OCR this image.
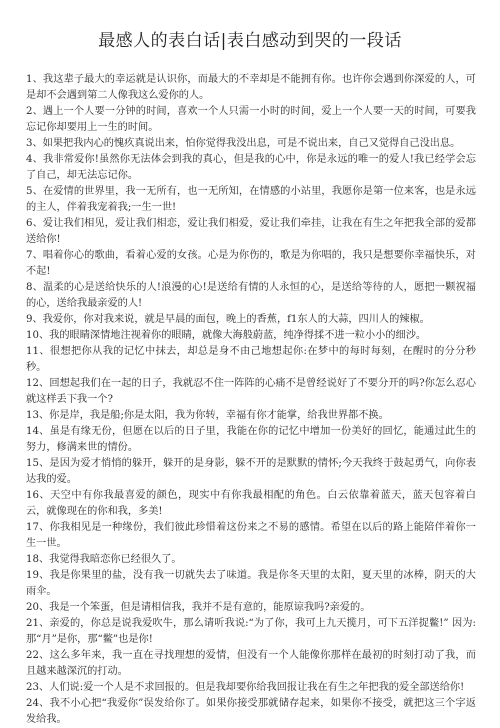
最感人的表白话|表白感动到哭的一段话

1、我这辈子最大的幸运就是认识你，而最大的不幸却是不能拥有你。也许你会遇到你深爱的人，可是却不会遇到第二人像我这么爱你的人。

2、遇上一个人要一分钟的时间，喜欢一个人只需一小时的时间，爱上一个人要一天的时间，可要我忘记你却要用上一生的时间。

3、如果把我内心的愧疚真说出来，怕你觉得我没出息，可是不说出来，自己又觉得自己没出息。

4、我非常爱你!虽然你无法体会到我的真心，但是我的心中，你是永远的唯一的爱人!我已经学会忘了自己，却无法忘记你。

5、在爱情的世界里，我一无所有，也一无所知，在情感的小站里，我愿你是第一位来客，也是永远的主人，伴着我宠着我;一生一世!

6、爱让我们相见，爱让我们相恋，爱让我们相爱，爱让我们牵挂，让我在有生之年把我全部的爱都送给你!

7、唱着你心的歌曲，看着心爱的女孩。心是为你伤的，歌是为你唱的，我只是想要你幸福快乐，对不起!

8、温柔的心是送给快乐的人!浪漫的心!是送给有情的人永恒的心，是送给等待的人，愿把一颗祝福的心，送给我最亲爱的人!

9、我爱你，你对我来说，就是早晨的面包，晚上的香蕉，f1东人的大蒜，四川人的辣椒。

10、我的眼睛深情地注视着你的眼睛，就像大海般蔚蓝，纯净得揉不进一粒小小的细沙。

11、很想把你从我的记忆中抹去，却总是身不由己地想起你:在梦中的每时每刻，在醒时的分分秒秒。

12、回想起我们在一起的日子，我就忍不住一阵阵的心痛不是曾经说好了不要分开的吗?你怎么忍心就这样丢下我一个?

13、你是岸，我是船;你是太阳，我为你转，幸福有你才能掌，给我世界都不换。

14、虽是有缘无份，但愿在以后的日子里，我能在你的记忆中增加一份美好的回忆，能通过此生的努力，修满来世的情份。

15、是因为爱才悄悄的躲开，躲开的是身影，躲不开的是默默的情怀;今天我终于鼓起勇气，向你表达我的爱。

16、天空中有你我最喜爱的颜色，现实中有你我最相配的角色。白云依靠着蓝天，蓝天包容着白云，就像现在的你和我，多美!

17、你我相见是一种缘份，我们彼此珍惜着这份来之不易的感情。希望在以后的路上能陪伴着你一生一世。

18、我觉得我暗恋你已经很久了。

19、我是你果里的盐，没有我一切就失去了味道。我是你冬天里的太阳，夏天里的冰棒，阴天的大雨伞。

20、我是一个笨蛋，但是请相信我，我并不是有意的，能原谅我吗?亲爱的。

21、亲爱的，你总是说我爱吹牛，那么请听我说:“为了你，我可上九天揽月，可下五洋捉鳖!” 因为:那“月”是你，那“鳖”也是你!

22、这么多年来，我一直在寻找理想的爱情，但没有一个人能像你那样在最初的时刻打动了我，而且越来越深沉的打动。

23、人们说:爱一个人是不求回报的。但是我却要你给我回报让我在有生之年把我的爱全部送给你!

24、我不小心把“我爱你”误发给你了。如果你接受那就储存起来，如果你不接受，就把这三个字返发给我。
